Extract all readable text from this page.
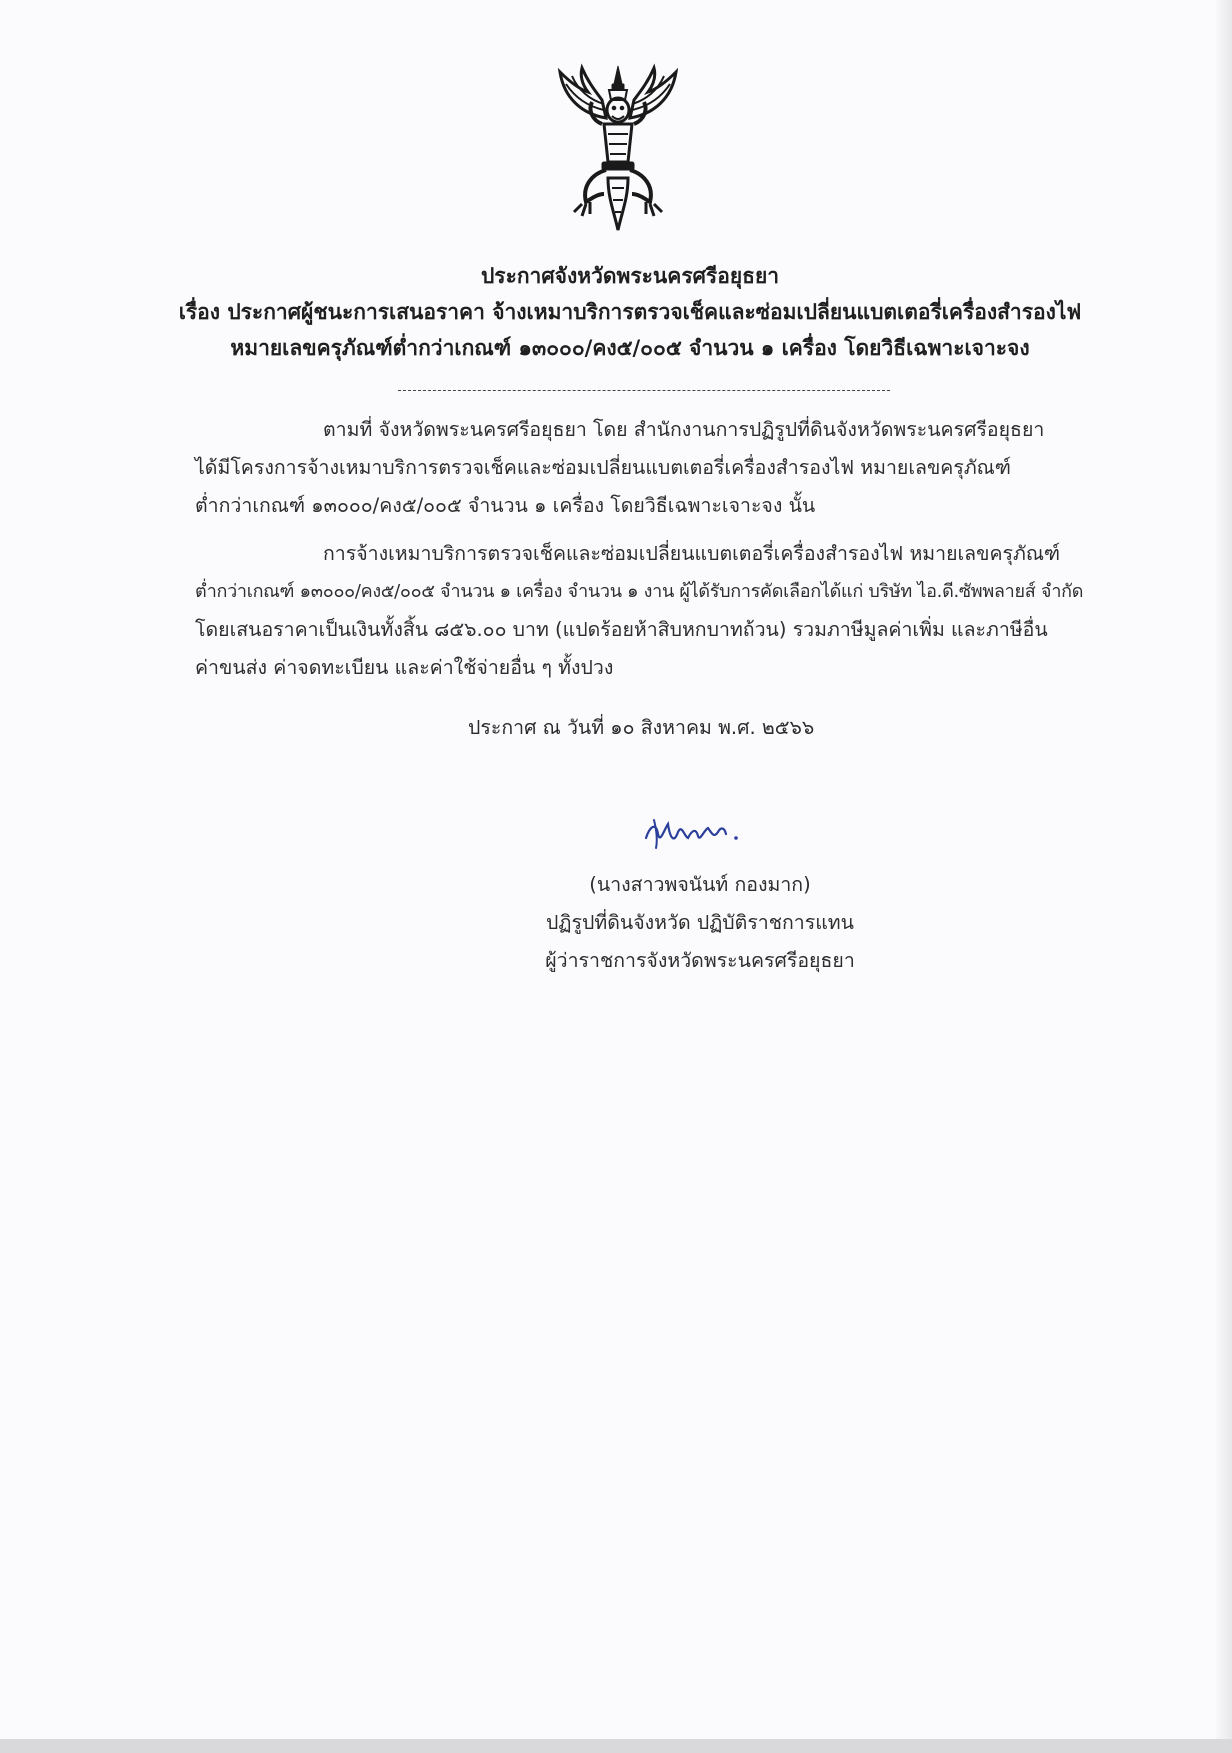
ประกาศจังหวัดพระนครศรีอยุธยา
เรื่อง ประกาศผู้ชนะการเสนอราคา จ้างเหมาบริการตรวจเช็คและซ่อมเปลี่ยนแบตเตอรี่เครื่องสำรองไฟ
หมายเลขครุภัณฑ์ต่ำกว่าเกณฑ์ ๑๓๐๐๐/คง๕/๐๐๕ จำนวน ๑ เครื่อง โดยวิธีเฉพาะเจาะจง
ตามที่ จังหวัดพระนครศรีอยุธยา โดย สำนักงานการปฏิรูปที่ดินจังหวัดพระนครศรีอยุธยา
ได้มีโครงการจ้างเหมาบริการตรวจเช็คและซ่อมเปลี่ยนแบตเตอรี่เครื่องสำรองไฟ หมายเลขครุภัณฑ์
ต่ำกว่าเกณฑ์ ๑๓๐๐๐/คง๕/๐๐๕ จำนวน ๑ เครื่อง โดยวิธีเฉพาะเจาะจง นั้น
การจ้างเหมาบริการตรวจเช็คและซ่อมเปลี่ยนแบตเตอรี่เครื่องสำรองไฟ หมายเลขครุภัณฑ์
ต่ำกว่าเกณฑ์ ๑๓๐๐๐/คง๕/๐๐๕ จำนวน ๑ เครื่อง จำนวน ๑ งาน ผู้ได้รับการคัดเลือกได้แก่ บริษัท ไอ.ดี.ซัพพลายส์ จำกัด
โดยเสนอราคาเป็นเงินทั้งสิ้น ๘๕๖.๐๐ บาท (แปดร้อยห้าสิบหกบาทถ้วน) รวมภาษีมูลค่าเพิ่ม และภาษีอื่น
ค่าขนส่ง ค่าจดทะเบียน และค่าใช้จ่ายอื่น ๆ ทั้งปวง
ประกาศ ณ วันที่ ๑๐ สิงหาคม พ.ศ. ๒๕๖๖
(นางสาวพจนันท์ กองมาก)
ปฏิรูปที่ดินจังหวัด ปฏิบัติราชการแทน
ผู้ว่าราชการจังหวัดพระนครศรีอยุธยา
